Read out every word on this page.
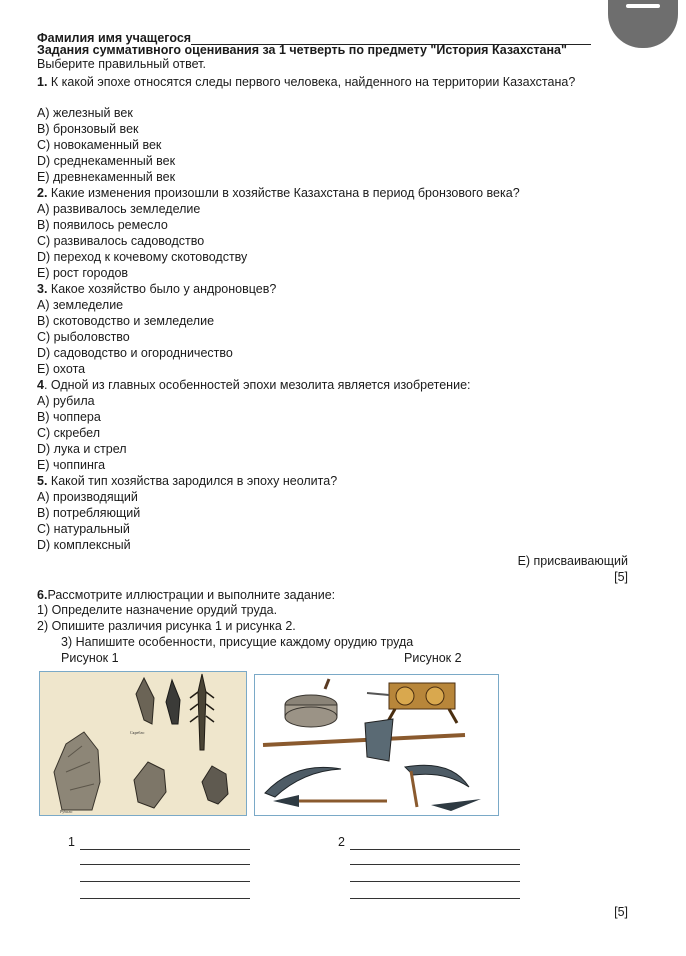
Фамилия имя учащегося
Задания суммативного оценивания за 1 четверть по предмету "История Казахстана"
Выберите правильный ответ.
1. К какой эпохе относятся следы первого человека, найденного на территории Казахстана?
А) железный век
В) бронзовый век
С) новокаменный век
D) среднекаменный век
Е) древнекаменный век
2. Какие изменения произошли в хозяйстве Казахстана в период бронзового века?
А) развивалось земледелие
В) появилось ремесло
С) развивалось садоводство
D) переход к кочевому скотоводству
Е) рост городов
3. Какое хозяйство было у андроновцев?
А) земледелие
В) скотоводство и земледелие
С) рыболовство
D) садоводство и огородничество
Е) охота
4. Одной из главных особенностей эпохи мезолита является изобретение:
А) рубила
В) чоппера
С) скребел
D) лука и стрел
Е) чоппинга
5. Какой тип хозяйства зародился в эпоху неолита?
А) производящий
В) потребляющий
С) натуральный
D) комплексный
Е) присваивающий
[5]
6.Рассмотрите иллюстрации и выполните задание:
1) Определите назначение орудий труда.
2) Опишите различия рисунка 1 и рисунка 2.
3) Напишите особенности, присущие каждому орудию труда
Рисунок 1	Рисунок 2
Скребло
Рубило
1	2
[5]
